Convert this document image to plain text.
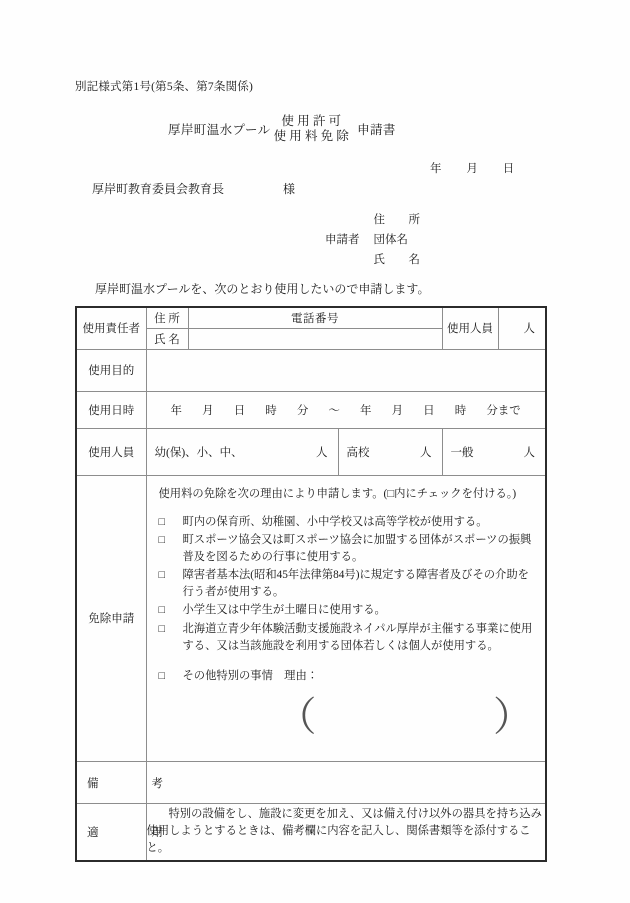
別記様式第1号(第5条、第7条関係)
厚岸町温水プール
使用許可
使用料免除 申請書
年 月 日
厚岸町教育委員会教育長	様
申請者
住　所
団体名
氏　名
厚岸町温水プールを、次のとおり使用したいので申請します。
使用責任者	住 所	電話番号		使用人員	人
	氏 名				
使用目的					
使用日時	年 月 日 時 分 〜 年 月 日 時 分まで

使用人員	幼(保)、小、中、 人		高校 人	一般 人	

免除申請	

使用料の免除を次の理由により申請します。(□内にチェックを付ける。)

□	町内の保育所、幼稚園、小中学校又は高等学校が使用する。
□	町スポーツ協会又は町スポーツ協会に加盟する団体がスポーツの振興普及を図るための行事に使用する。
□	障害者基本法(昭和45年法律第84号)に規定する障害者及びその介助を行う者が使用する。
□	小学生又は中学生が土曜日に使用する。
□	北海道立青少年体験活動支援施設ネイパル厚岸が主催する事業に使用する、又は当該施設を利用する団体若しくは個人が使用する。
□	その他特別の事情　理由：
（	）

備　　考					
適　　用	特別の設備をし、施設に変更を加え、又は備え付け以外の器具を持ち込み使用しようとするときは、備考欄に内容を記入し、関係書類等を添付すること。				
